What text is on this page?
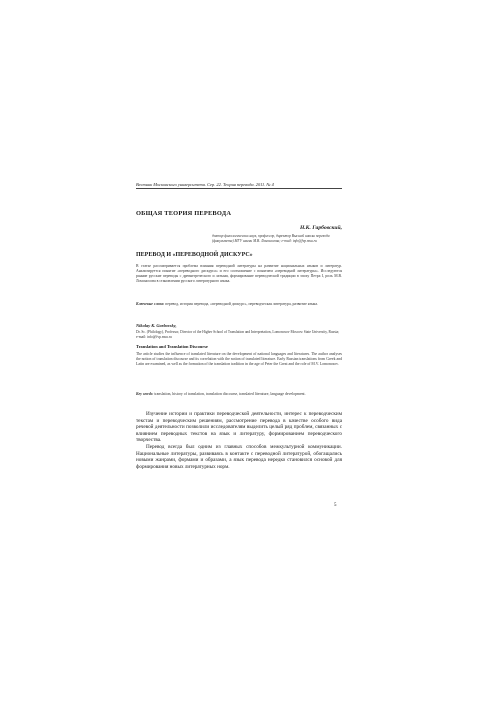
Вестник Московского университета. Сер. 22. Теория перевода. 2011. № 4
ОБЩАЯ ТЕОРИЯ ПЕРЕВОДА
Н.К. Гарбовский,
доктор филологических наук, профессор, директор Высшей школы перевода (факультета) МГУ имени М.В. Ломоносова; e-mail: info@fvp.msu.ru
ПЕРЕВОД И «ПЕРЕВОДНОЙ ДИСКУРС»
В статье рассматривается проблема влияния переводной литературы на развитие национальных языков и литератур. Анализируется понятие «переводного дискурса» и его соотношение с понятием «переводной литературы». Исследуются ранние русские переводы с древнегреческого и латыни, формирование переводческой традиции в эпоху Петра I, роль М.В. Ломоносова в становлении русского литературного языка.
Ключевые слова: перевод, история перевода, «переводной дискурс», переводческая литература, развитие языка.
Nikolay K. Garbovsky,
Dr. Sc. (Philology), Professor, Director of the Higher School of Translation and Interpretation, Lomonosov Moscow State University, Russia; e-mail: info@fvp.msu.ru
Translation and Translation Discourse
The article studies the influence of translated literature on the development of national languages and literatures. The author analyses the notion of translation discourse and its correlation with the notion of translated literature. Early Russian translations from Greek and Latin are examined, as well as the formation of the translation tradition in the age of Peter the Great and the role of M.V. Lomonosov.
Key words: translation, history of translation, translation discourse, translated literature, language development.

Изучение истории и практики переводческой деятельности, интерес к переводческим текстам и переводческим решениям, рассмотрение перевода в качестве особого вида речевой деятельности позволили исследователям выделить целый ряд проблем, связанных с влиянием переводных текстов на язык и литературу, формированием переводческого творчества.

Перевод всегда был одним из главных способов межкультурной коммуникации. Национальные литературы, развиваясь в контакте с переводной литературой, обогащались новыми жанрами, формами и образами, а язык перевода нередко становился основой для формирования новых литературных норм.

5
